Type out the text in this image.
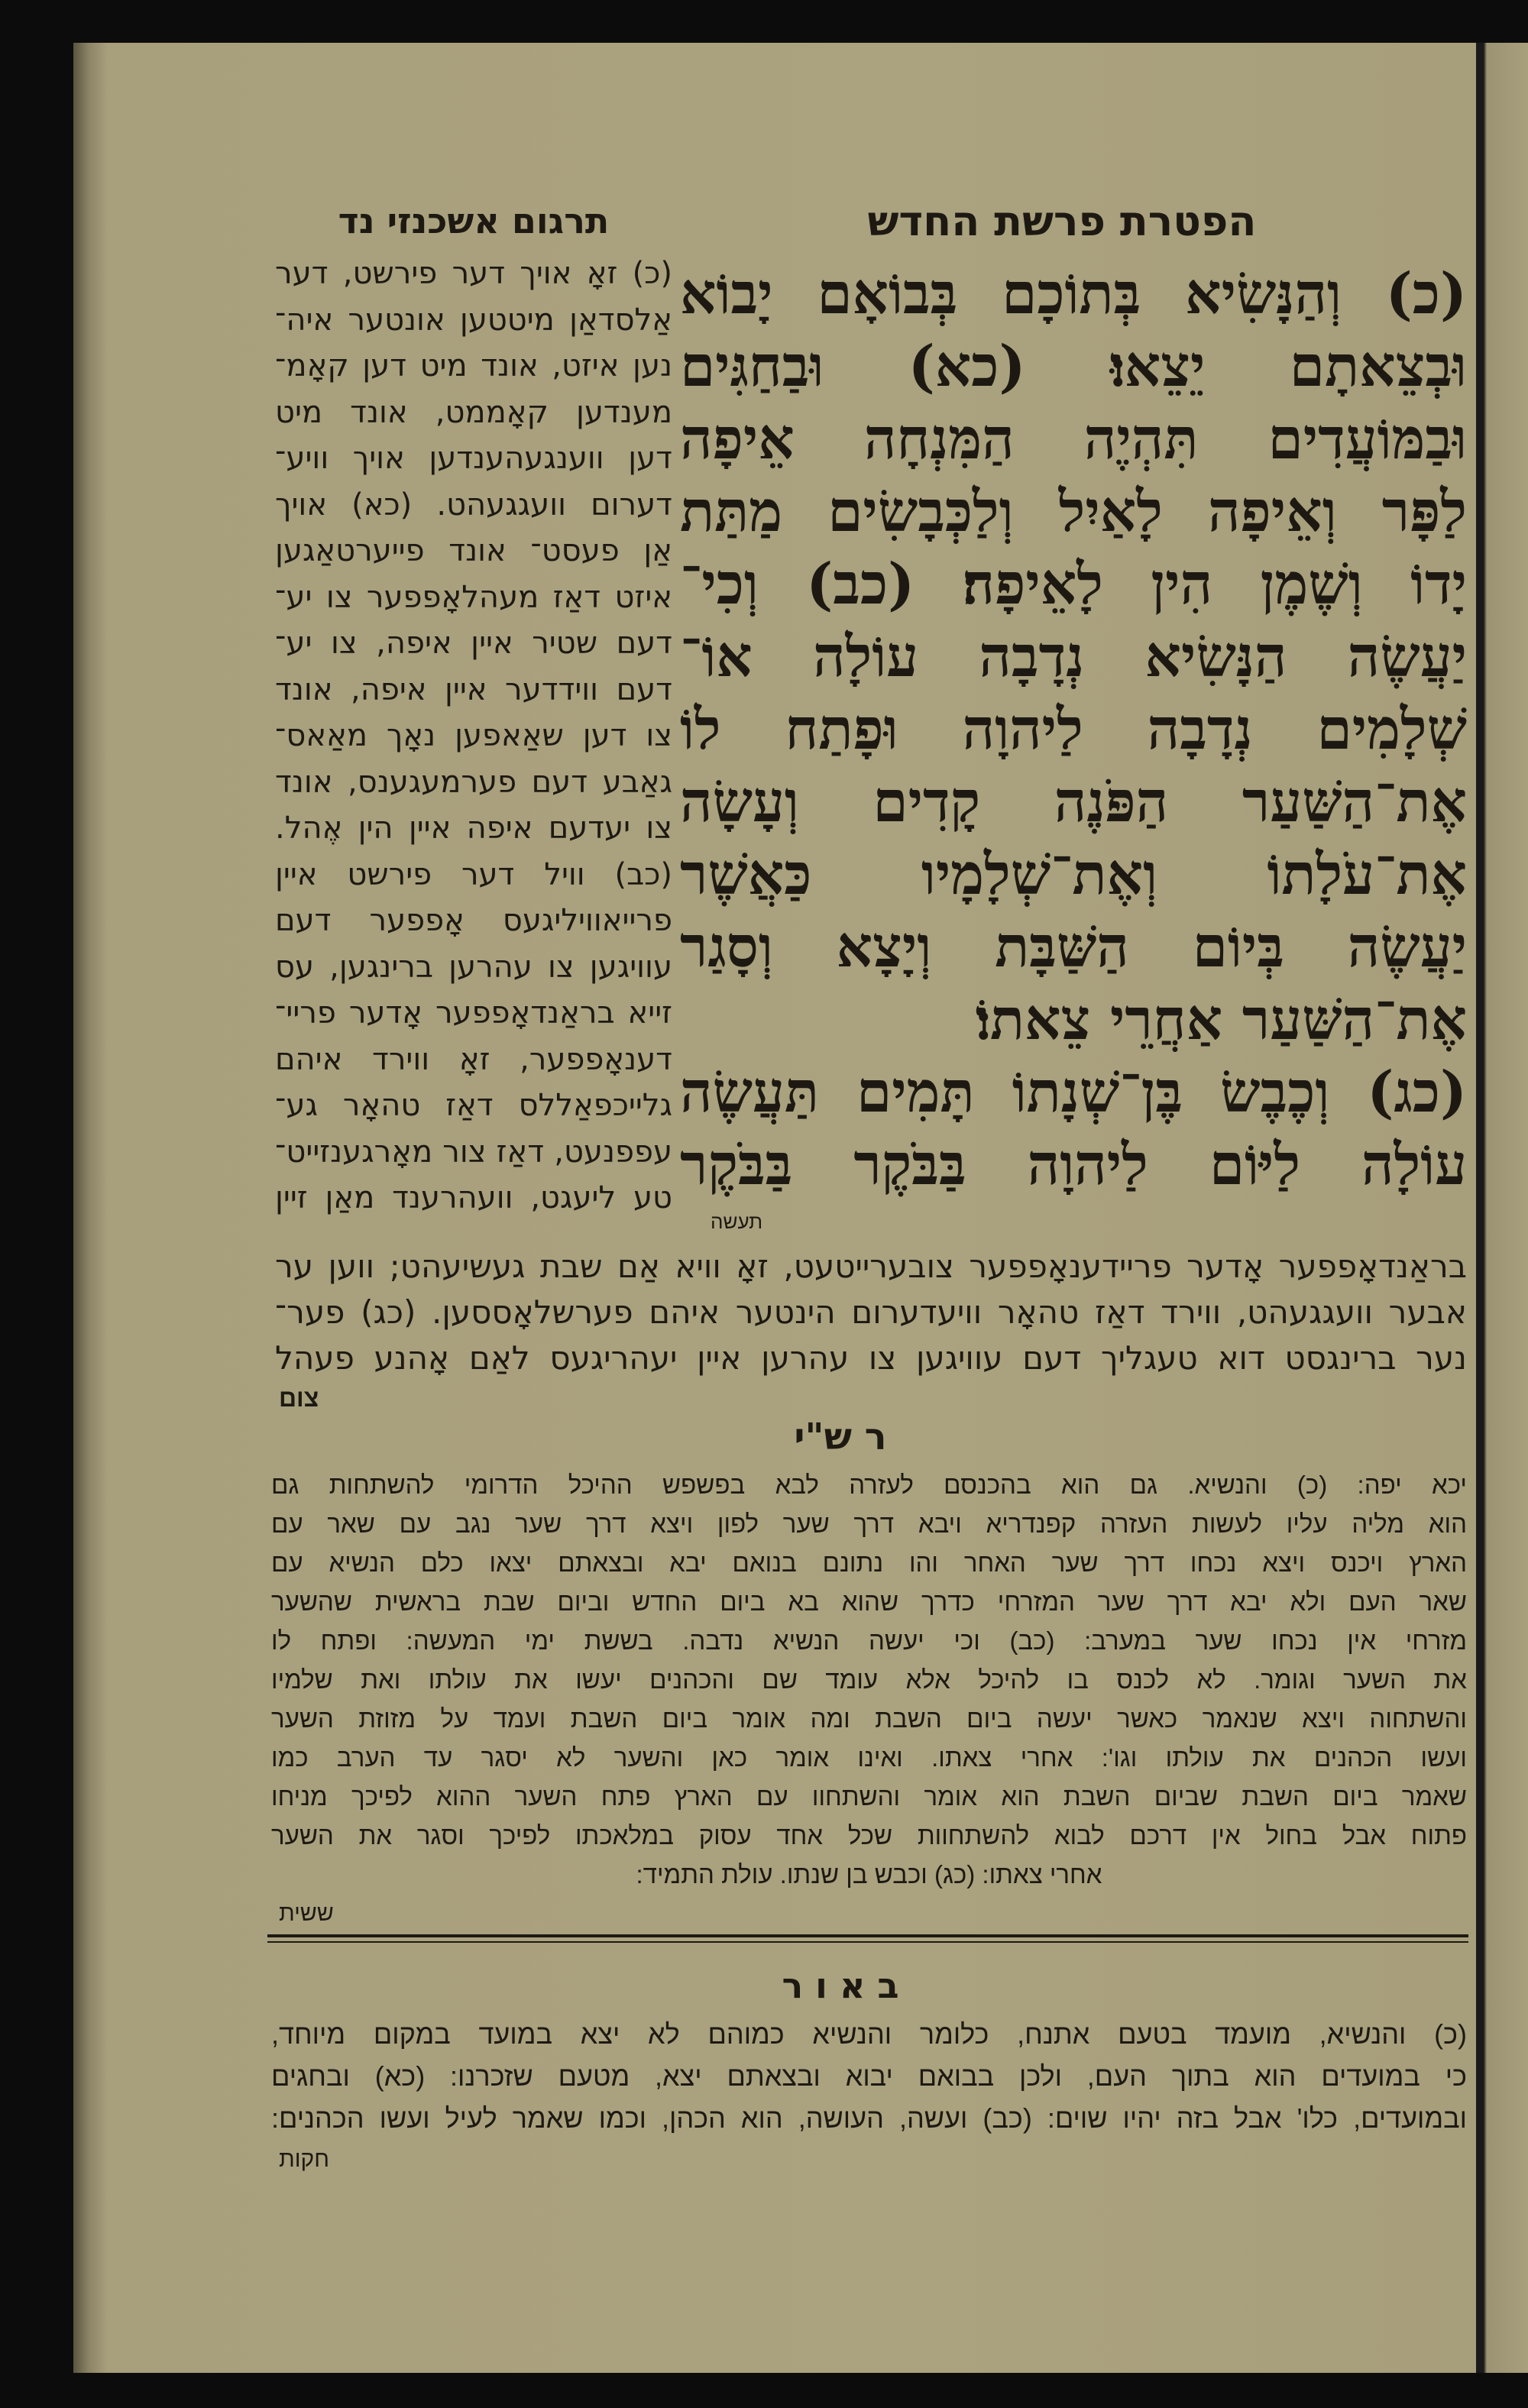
הפטרת פרשת החדש
תרגום אשכנזי נד
(כ) וְהַנָּשִׂיא בְּתוֹכָם בְּבוֹאָם יָבוֹא
וּבְצֵאתָם יֵצֵאוּ׃ (כא) וּבַחַגִּים
וּבַמּוֹעֲדִים תִּהְיֶה הַמִּנְחָה אֵיפָה
לַפָּר וְאֵיפָה לָאַיִל וְלַכְּבָשִׂים מַתַּת
יָדוֹ וְשֶׁמֶן הִין לָאֵיפָה׃ (כב) וְכִי־
יַעֲשֶׂה הַנָּשִׂיא נְדָבָה עוֹלָה אוֹ־
שְׁלָמִים נְדָבָה לַיהוָה וּפָתַח לוֹ
אֶת־הַשַּׁעַר הַפֹּנֶה קָדִים וְעָשָׂה
אֶת־עֹלָתוֹ וְאֶת־שְׁלָמָיו כַּאֲשֶׁר
יַעֲשֶׂה בְּיוֹם הַשַּׁבָּת וְיָצָא וְסָגַר
אֶת־הַשַּׁעַר אַחֲרֵי צֵאתוֹ׃
(כג) וְכֶבֶשׂ בֶּן־שְׁנָתוֹ תָּמִים תַּעֲשֶׂה
עוֹלָה לַיּוֹם לַיהוָה בַּבֹּקֶר בַּבֹּקֶר
תעשה
(כ) זאָ אויך דער פירשט, דער
אַלסדאַן מיטטען אונטער איה־
נען איזט, אונד מיט דען קאָמ־
מענדען קאָממט, אונד מיט
דען ווענגעהענדען אויך וויע־
דערום וועגגעהט. (כא) אויך
אַן פעסט־ אונד פייערטאַגען
איזט דאַז מעהלאָפפער צו יע־
דעם שטיר איין איפה, צו יע־
דעם ווידדער איין איפה, אונד
צו דען שאַאפען נאָך מאַאס־
גאַבע דעם פערמעגענס, אונד
צו יעדעם איפה איין הין אֶהל.
(כב) וויל דער פירשט איין
פרייאוויליגעס אָפפער דעם
עוויגען צו עהרען ברינגען, עס
זייא בראַנדאָפפער אָדער פריי־
דענאָפפער, זאָ ווירד איהם
גלייכפאַללס דאַז טהאָר גע־
עפפנעט, דאַז צור מאָרגענזייט־
טע ליעגט, וועהרענד מאַן זיין
בראַנדאָפפער אָדער פריידענאָפפער צובערייטעט, זאָ וויא אַם שבת געשיעהט; ווען ער
אבער וועגגעהט, ווירד דאַז טהאָר וויעדערום הינטער איהם פערשלאָססען. (כג) פער־
נער ברינגסט דוא טעגליך דעם עוויגען צו עהרען איין יעהריגעס לאַם אָהנע פעהל
צום
ר ש"י
יכא יפה: (כ) והנשיא. גם הוא בהכנסם לעזרה לבא בפשפש ההיכל הדרומי להשתחות גם
הוא מליה עליו לעשות העזרה קפנדריא ויבא דרך שער לפון ויצא דרך שער נגב עם שאר עם
הארץ ויכנס ויצא נכחו דרך שער האחר והו נתונם בנואם יבא ובצאתם יצאו כלם הנשיא עם
שאר העם ולא יבא דרך שער המזרחי כדרך שהוא בא ביום החדש וביום שבת בראשית שהשער
מזרחי אין נכחו שער במערב: (כב) וכי יעשה הנשיא נדבה. בששת ימי המעשה: ופתח לו
את השער וגומר. לא לכנס בו להיכל אלא עומד שם והכהנים יעשו את עולתו ואת שלמיו
והשתחוה ויצא שנאמר כאשר יעשה ביום השבת ומה אומר ביום השבת ועמד על מזוזת השער
ועשו הכהנים את עולתו וגו': אחרי צאתו. ואינו אומר כאן והשער לא יסגר עד הערב כמו
שאמר ביום השבת שביום השבת הוא אומר והשתחוו עם הארץ פתח השער ההוא לפיכך מניחו
פתוח אבל בחול אין דרכם לבוא להשתחוות שכל אחד עסוק במלאכתו לפיכך וסגר את השער
אחרי צאתו: (כג) וכבש בן שנתו. עולת התמיד:
ששית
ב א ו ר
(כ) והנשיא, מועמד בטעם אתנח, כלומר והנשיא כמוהם לא יצא במועד במקום מיוחד,
כי במועדים הוא בתוך העם, ולכן בבואם יבוא ובצאתם יצא, מטעם שזכרנו: (כא) ובחגים
ובמועדים, כלו' אבל בזה יהיו שוים: (כב) ועשה, העושה, הוא הכהן, וכמו שאמר לעיל ועשו הכהנים:
חקות
